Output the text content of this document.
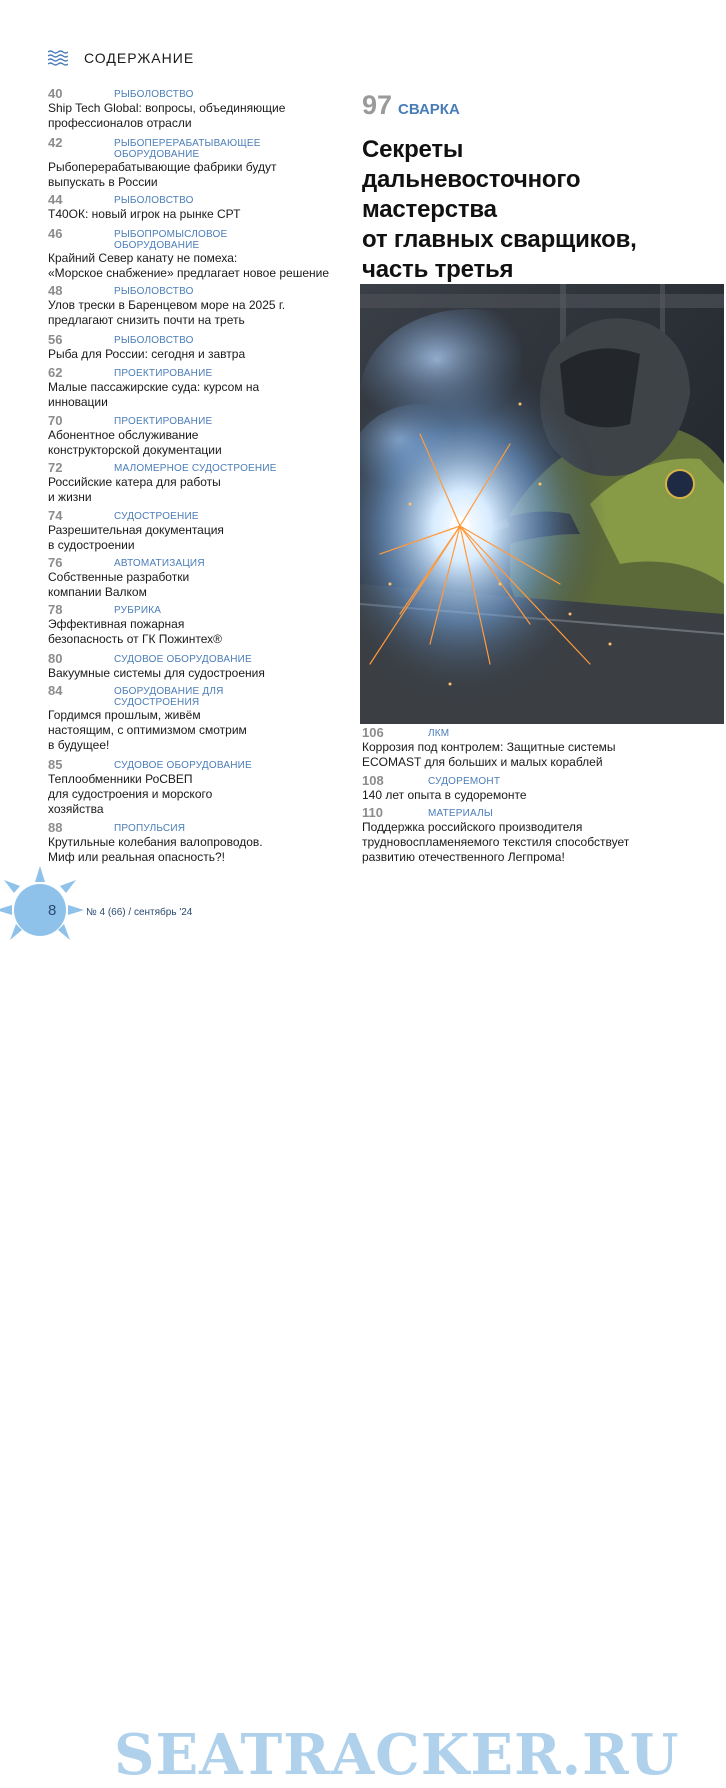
СОДЕРЖАНИЕ
40	РЫБОЛОВСТВО
Ship Tech Global: вопросы, объединяющие
профессионалов отрасли
42	РЫБОПЕРЕРАБАТЫВАЮЩЕЕ ОБОРУДОВАНИЕ
Рыбоперерабатывающие фабрики будут
выпускать в России
44	РЫБОЛОВСТВО
Т40ОК: новый игрок на рынке СРТ
46	РЫБОПРОМЫСЛОВОЕ ОБОРУДОВАНИЕ
Крайний Север канату не помеха:
«Морское снабжение» предлагает новое решение
48	РЫБОЛОВСТВО
Улов трески в Баренцевом море на 2025 г.
предлагают снизить почти на треть
56	РЫБОЛОВСТВО
Рыба для России: сегодня и завтра
62	ПРОЕКТИРОВАНИЕ
Малые пассажирские суда: курсом на
инновации
70	ПРОЕКТИРОВАНИЕ
Абонентное обслуживание
конструкторской документации
72	МАЛОМЕРНОЕ СУДОСТРОЕНИЕ
Российские катера для работы
и жизни
74	СУДОСТРОЕНИЕ
Разрешительная документация
в судостроении
76	АВТОМАТИЗАЦИЯ
Собственные разработки
компании Валком
78	РУБРИКА
Эффективная пожарная
безопасность от ГК Пожинтех®
80	СУДОВОЕ ОБОРУДОВАНИЕ
Вакуумные системы для судостроения
84	ОБОРУДОВАНИЕ ДЛЯ СУДОСТРОЕНИЯ
Гордимся прошлым, живём
настоящим, с оптимизмом смотрим
в будущее!
85	СУДОВОЕ ОБОРУДОВАНИЕ
Теплообменники РоСВЕП
для судостроения и морского
хозяйства
88	ПРОПУЛЬСИЯ
Крутильные колебания валопроводов.
Миф или реальная опасность?!
97 СВАРКА
Секреты
дальневосточного
мастерства
от главных сварщиков,
часть третья
106	ЛКМ
Коррозия под контролем: Защитные системы
ECOMAST для больших и малых кораблей
108	СУДОРЕМОНТ
140 лет опыта в судоремонте
110	МАТЕРИАЛЫ
Поддержка российского производителя
трудновоспламеняемого текстиля способствует
развитию отечественного Легпрома!
SEATRACKER.RU
8	№ 4 (66) / сентябрь '24
